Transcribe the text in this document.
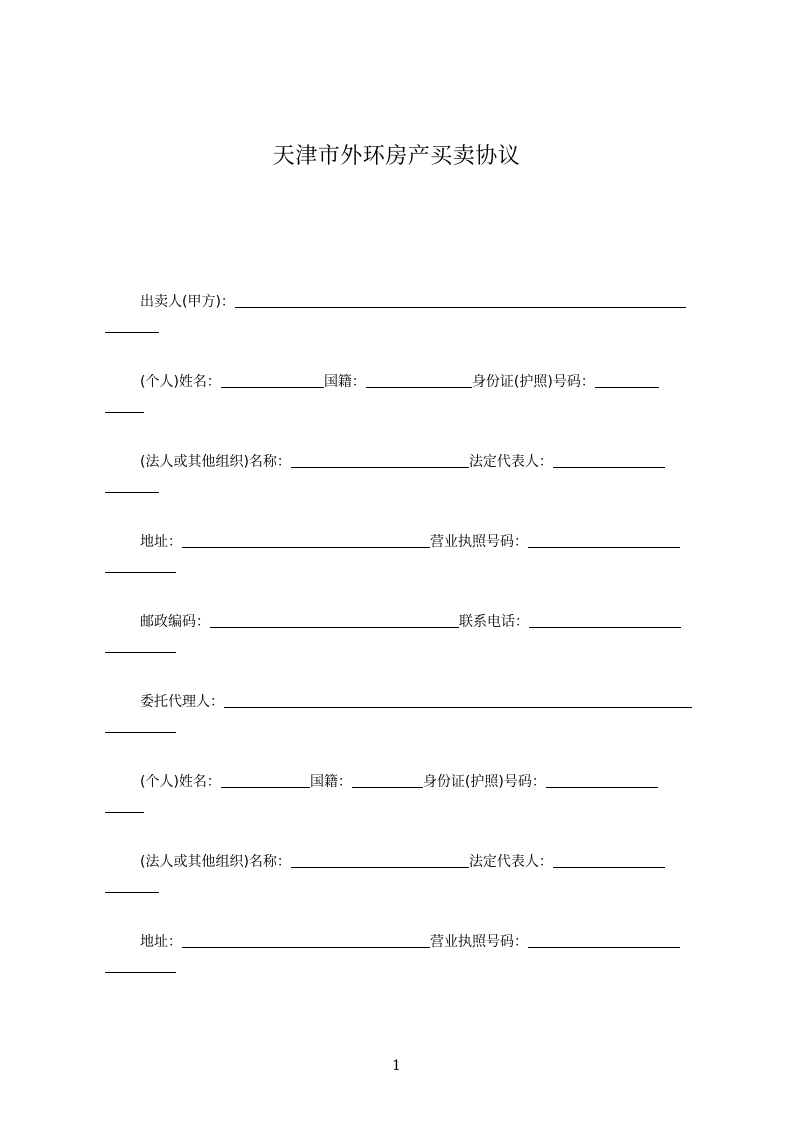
天津市外环房产买卖协议
出卖人(甲方)：
(个人)姓名：	国籍：	身份证(护照)号码：
(法人或其他组织)名称：	法定代表人：
地址：	营业执照号码：
邮政编码：	联系电话：
委托代理人：
(个人)姓名：	国籍：	身份证(护照)号码：
(法人或其他组织)名称：	法定代表人：
地址：	营业执照号码：
1
